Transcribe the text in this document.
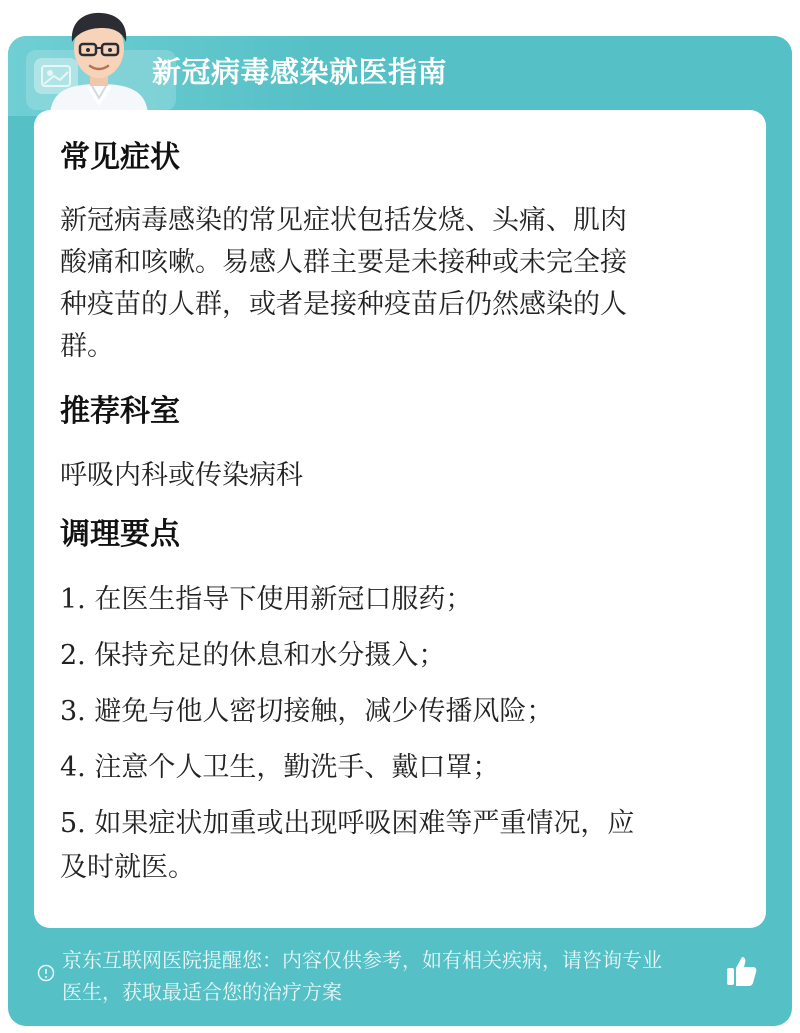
新冠病毒感染就医指南
常见症状
新冠病毒感染的常见症状包括发烧、头痛、肌肉
酸痛和咳嗽。易感人群主要是未接种或未完全接
种疫苗的人群，或者是接种疫苗后仍然感染的人
群。
推荐科室
呼吸内科或传染病科
调理要点
1. 在医生指导下使用新冠口服药；
2. 保持充足的休息和水分摄入；
3. 避免与他人密切接触，减少传播风险；
4. 注意个人卫生，勤洗手、戴口罩；
5. 如果症状加重或出现呼吸困难等严重情况，应
及时就医。
京东互联网医院提醒您：内容仅供参考，如有相关疾病，请咨询专业
医生，获取最适合您的治疗方案
